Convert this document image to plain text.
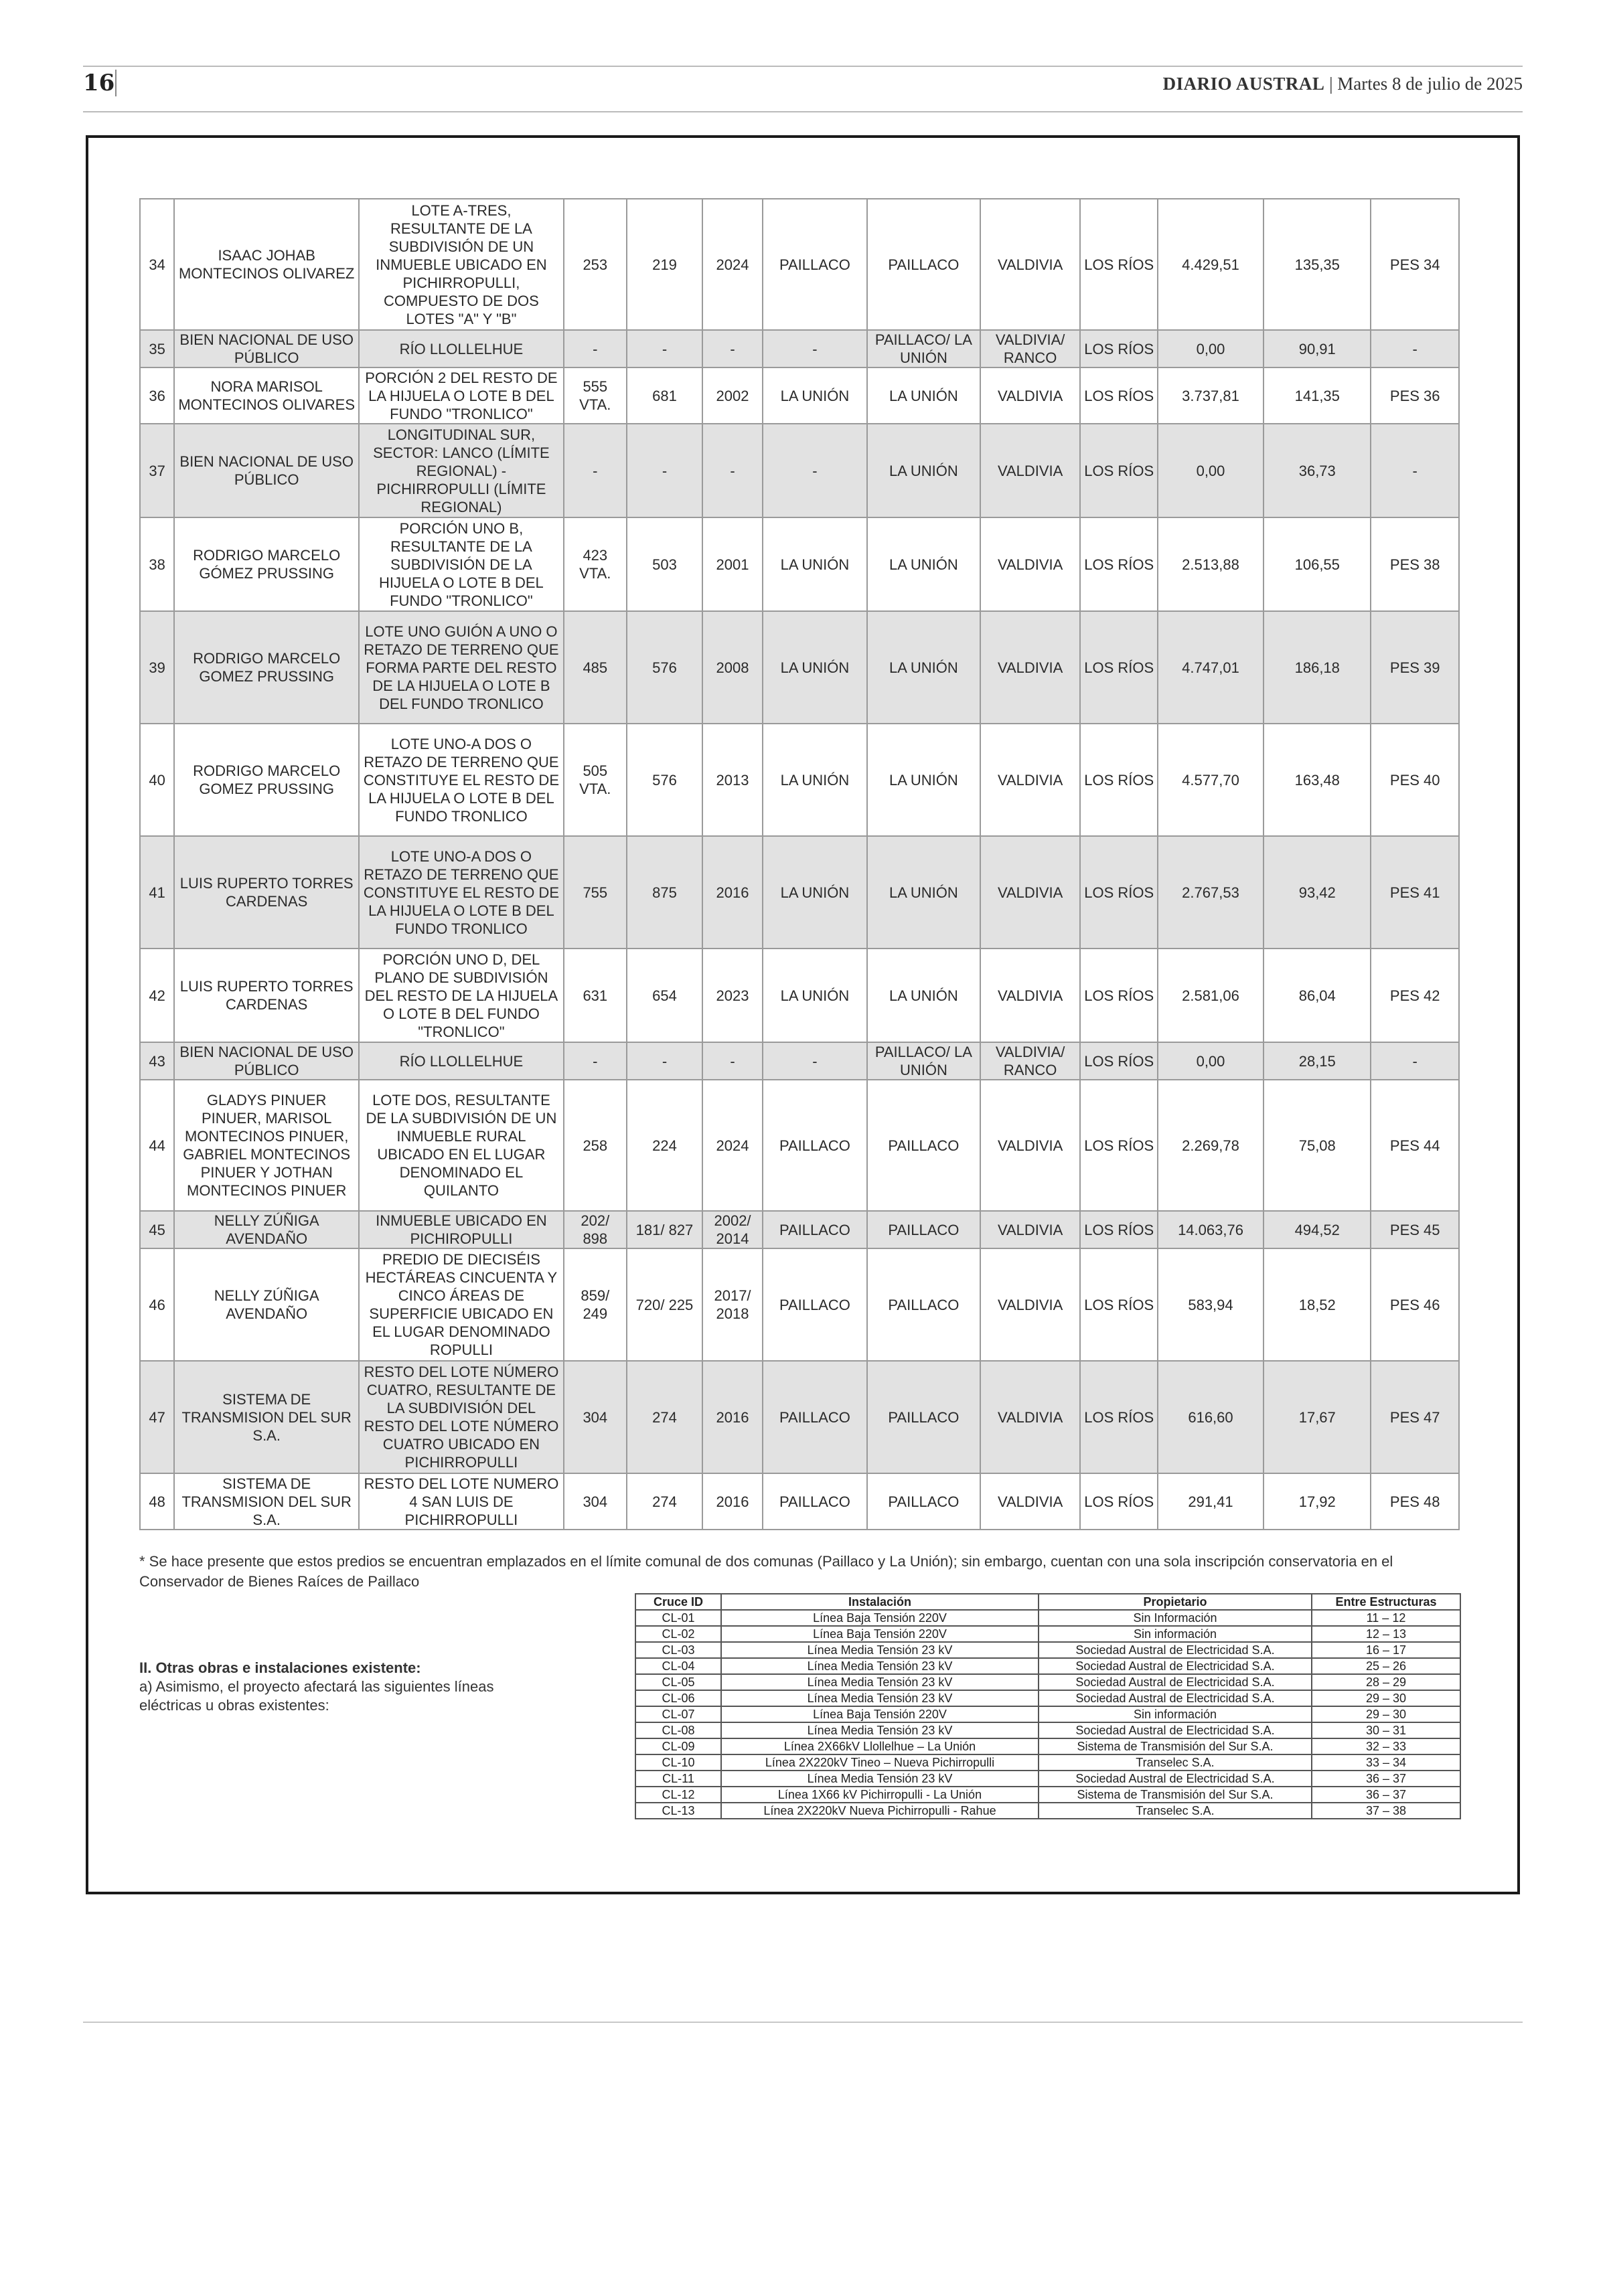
16	DIARIO AUSTRAL | Martes 8 de julio de 2025
34	ISAAC JOHAB MONTECINOS OLIVAREZ	LOTE A-TRES, RESULTANTE DE LA SUBDIVISIÓN DE UN INMUEBLE UBICADO EN PICHIRROPULLI, COMPUESTO DE DOS LOTES "A" Y "B"	253	219	2024	PAILLACO	PAILLACO	VALDIVIA	LOS RÍOS	4.429,51	135,35	PES 34
35	BIEN NACIONAL DE USO PÚBLICO	RÍO LLOLLELHUE	-	-	-	-	PAILLACO/ LA UNIÓN	VALDIVIA/ RANCO	LOS RÍOS	0,00	90,91	-
36	NORA MARISOL MONTECINOS OLIVARES	PORCIÓN 2 DEL RESTO DE LA HIJUELA O LOTE B DEL FUNDO "TRONLICO"	555 VTA.	681	2002	LA UNIÓN	LA UNIÓN	VALDIVIA	LOS RÍOS	3.737,81	141,35	PES 36
37	BIEN NACIONAL DE USO PÚBLICO	LONGITUDINAL SUR, SECTOR: LANCO (LÍMITE REGIONAL) - PICHIRROPULLI (LÍMITE REGIONAL)	-	-	-	-	LA UNIÓN	VALDIVIA	LOS RÍOS	0,00	36,73	-
38	RODRIGO MARCELO GÓMEZ PRUSSING	PORCIÓN UNO B, RESULTANTE DE LA SUBDIVISIÓN DE LA HIJUELA O LOTE B DEL FUNDO "TRONLICO"	423 VTA.	503	2001	LA UNIÓN	LA UNIÓN	VALDIVIA	LOS RÍOS	2.513,88	106,55	PES 38
39	RODRIGO MARCELO GOMEZ PRUSSING	LOTE UNO GUIÓN A UNO O RETAZO DE TERRENO QUE FORMA PARTE DEL RESTO DE LA HIJUELA O LOTE B DEL FUNDO TRONLICO	485	576	2008	LA UNIÓN	LA UNIÓN	VALDIVIA	LOS RÍOS	4.747,01	186,18	PES 39
40	RODRIGO MARCELO GOMEZ PRUSSING	LOTE UNO-A DOS O RETAZO DE TERRENO QUE CONSTITUYE EL RESTO DE LA HIJUELA O LOTE B DEL FUNDO TRONLICO	505 VTA.	576	2013	LA UNIÓN	LA UNIÓN	VALDIVIA	LOS RÍOS	4.577,70	163,48	PES 40
41	LUIS RUPERTO TORRES CARDENAS	LOTE UNO-A DOS O RETAZO DE TERRENO QUE CONSTITUYE EL RESTO DE LA HIJUELA O LOTE B DEL FUNDO TRONLICO	755	875	2016	LA UNIÓN	LA UNIÓN	VALDIVIA	LOS RÍOS	2.767,53	93,42	PES 41
42	LUIS RUPERTO TORRES CARDENAS	PORCIÓN UNO D, DEL PLANO DE SUBDIVISIÓN DEL RESTO DE LA HIJUELA O LOTE B DEL FUNDO "TRONLICO"	631	654	2023	LA UNIÓN	LA UNIÓN	VALDIVIA	LOS RÍOS	2.581,06	86,04	PES 42
43	BIEN NACIONAL DE USO PÚBLICO	RÍO LLOLLELHUE	-	-	-	-	PAILLACO/ LA UNIÓN	VALDIVIA/ RANCO	LOS RÍOS	0,00	28,15	-
44	GLADYS PINUER PINUER, MARISOL MONTECINOS PINUER, GABRIEL MONTECINOS PINUER Y JOTHAN MONTECINOS PINUER	LOTE DOS, RESULTANTE DE LA SUBDIVISIÓN DE UN INMUEBLE RURAL UBICADO EN EL LUGAR DENOMINADO EL QUILANTO	258	224	2024	PAILLACO	PAILLACO	VALDIVIA	LOS RÍOS	2.269,78	75,08	PES 44
45	NELLY ZÚÑIGA AVENDAÑO	INMUEBLE UBICADO EN PICHIROPULLI	202/ 898	181/ 827	2002/ 2014	PAILLACO	PAILLACO	VALDIVIA	LOS RÍOS	14.063,76	494,52	PES 45
46	NELLY ZÚÑIGA AVENDAÑO	PREDIO DE DIECISÉIS HECTÁREAS CINCUENTA Y CINCO ÁREAS DE SUPERFICIE UBICADO EN EL LUGAR DENOMINADO ROPULLI	859/ 249	720/ 225	2017/ 2018	PAILLACO	PAILLACO	VALDIVIA	LOS RÍOS	583,94	18,52	PES 46
47	SISTEMA DE TRANSMISION DEL SUR S.A.	RESTO DEL LOTE NÚMERO CUATRO, RESULTANTE DE LA SUBDIVISIÓN DEL RESTO DEL LOTE NÚMERO CUATRO UBICADO EN PICHIRROPULLI	304	274	2016	PAILLACO	PAILLACO	VALDIVIA	LOS RÍOS	616,60	17,67	PES 47
48	SISTEMA DE TRANSMISION DEL SUR S.A.	RESTO DEL LOTE NUMERO 4 SAN LUIS DE PICHIRROPULLI	304	274	2016	PAILLACO	PAILLACO	VALDIVIA	LOS RÍOS	291,41	17,92	PES 48
* Se hace presente que estos predios se encuentran emplazados en el límite comunal de dos comunas (Paillaco y La Unión); sin embargo, cuentan con una sola inscripción conservatoria en el Conservador de Bienes Raíces de Paillaco
II. Otras obras e instalaciones existente:
a) Asimismo, el proyecto afectará las siguientes líneas eléctricas u obras existentes:
Cruce ID	Instalación	Propietario	Entre Estructuras
CL-01	Línea Baja Tensión 220V	Sin Información	11 – 12
CL-02	Línea Baja Tensión 220V	Sin información	12 – 13
CL-03	Línea Media Tensión 23 kV	Sociedad Austral de Electricidad S.A.	16 – 17
CL-04	Línea Media Tensión 23 kV	Sociedad Austral de Electricidad S.A.	25 – 26
CL-05	Línea Media Tensión 23 kV	Sociedad Austral de Electricidad S.A.	28 – 29
CL-06	Línea Media Tensión 23 kV	Sociedad Austral de Electricidad S.A.	29 – 30
CL-07	Línea Baja Tensión 220V	Sin información	29 – 30
CL-08	Línea Media Tensión 23 kV	Sociedad Austral de Electricidad S.A.	30 – 31
CL-09	Línea 2X66kV Llollelhue – La Unión	Sistema de Transmisión del Sur S.A.	32 – 33
CL-10	Línea 2X220kV Tineo – Nueva Pichirropulli	Transelec S.A.	33 – 34
CL-11	Línea Media Tensión 23 kV	Sociedad Austral de Electricidad S.A.	36 – 37
CL-12	Línea 1X66 kV Pichirropulli - La Unión	Sistema de Transmisión del Sur S.A.	36 – 37
CL-13	Línea 2X220kV Nueva Pichirropulli - Rahue	Transelec S.A.	37 – 38
